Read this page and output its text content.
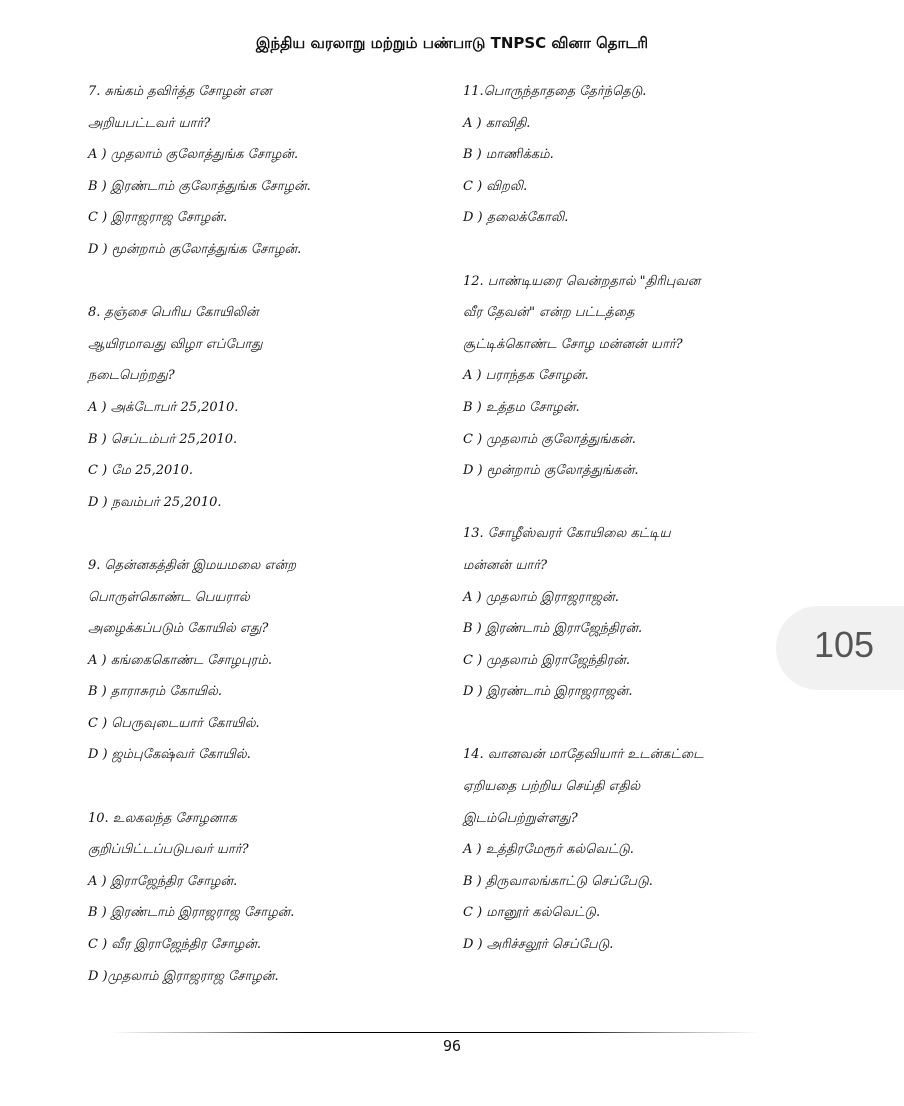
இந்திய வரலாறு மற்றும் பண்பாடு TNPSC வினா தொடரி
7. சுங்கம் தவிர்த்த சோழன் என
அறியபட்டவர் யார்?
A ) முதலாம் குலோத்துங்க சோழன்.
B ) இரண்டாம் குலோத்துங்க சோழன்.
C ) இராஜராஜ சோழன்.
D ) மூன்றாம் குலோத்துங்க சோழன்.
8. தஞ்சை பெரிய கோயிலின்
ஆயிரமாவது விழா எப்போது
நடைபெற்றது?
A ) அக்டோபர் 25,2010.
B ) செப்டம்பர் 25,2010.
C ) மே 25,2010.
D ) நவம்பர் 25,2010.
9. தென்னகத்தின் இமயமலை என்ற
பொருள்கொண்ட பெயரால்
அழைக்கப்படும் கோயில் எது?
A ) கங்கைகொண்ட சோழபுரம்.
B ) தாராசுரம் கோயில்.
C ) பெருவுடையார் கோயில்.
D ) ஜம்புகேஷ்வர் கோயில்.
10. உலகலந்த சோழனாக
குறிப்பிட்டப்படுபவர் யார்?
A ) இராஜேந்திர சோழன்.
B ) இரண்டாம் இராஜராஜ சோழன்.
C ) வீர இராஜேந்திர சோழன்.
D )முதலாம் இராஜராஜ சோழன்.
11.பொருந்தாததை தேர்ந்தெடு.
A ) காவிதி.
B ) மாணிக்கம்.
C ) விறலி.
D ) தலைக்கோலி.
12. பாண்டியரை வென்றதால் "திரிபுவன
வீர தேவன்" என்ற பட்டத்தை
சூட்டிக்கொண்ட சோழ மன்னன் யார்?
A ) பராந்தக சோழன்.
B ) உத்தம சோழன்.
C ) முதலாம் குலோத்துங்கன்.
D ) மூன்றாம் குலோத்துங்கன்.
13. சோழீஸ்வரர் கோயிலை கட்டிய
மன்னன் யார்?
A ) முதலாம் இராஜராஜன்.
B ) இரண்டாம் இராஜேந்திரன்.
C ) முதலாம் இராஜேந்திரன்.
D ) இரண்டாம் இராஜராஜன்.
14. வானவன் மாதேவியார் உடன்கட்டை
ஏறியதை பற்றிய செய்தி எதில்
இடம்பெற்றுள்ளது?
A ) உத்திரமேரூர் கல்வெட்டு.
B ) திருவாலங்காட்டு செப்பேடு.
C ) மானூர் கல்வெட்டு.
D ) அரிச்சலூர் செப்பேடு.
105
96
